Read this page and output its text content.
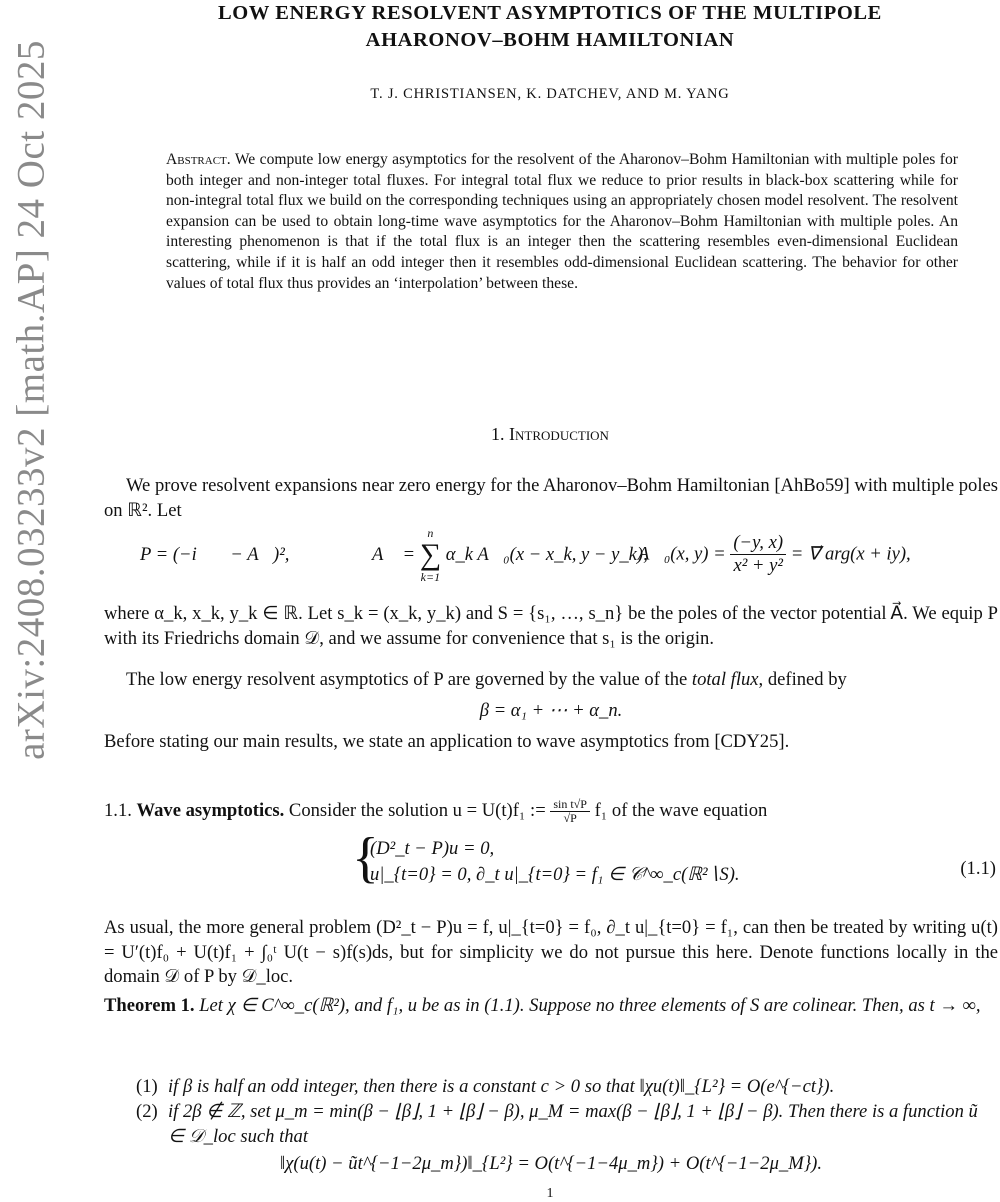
arXiv:2408.03233v2 [math.AP] 24 Oct 2025
LOW ENERGY RESOLVENT ASYMPTOTICS OF THE MULTIPOLE
AHARONOV–BOHM HAMILTONIAN
T. J. CHRISTIANSEN, K. DATCHEV, AND M. YANG
Abstract. We compute low energy asymptotics for the resolvent of the Aharonov–Bohm Hamiltonian with multiple poles for both integer and non-integer total fluxes. For integral total flux we reduce to prior results in black-box scattering while for non-integral total flux we build on the corresponding techniques using an appropriately chosen model resolvent. The resolvent expansion can be used to obtain long-time wave asymptotics for the Aharonov–Bohm Hamiltonian with multiple poles. An interesting phenomenon is that if the total flux is an integer then the scattering resembles even-dimensional Euclidean scattering, while if it is half an odd integer then it resembles odd-dimensional Euclidean scattering. The behavior for other values of total flux thus provides an ‘interpolation’ between these.
1. Introduction
We prove resolvent expansions near zero energy for the Aharonov–Bohm Hamiltonian [AhBo59] with multiple poles on ℝ². Let
P = (−i∇⃗ − A⃗)²,	A⃗ =
n
∑
k=1
α_k A⃗₀(x − x_k, y − y_k),
A⃗₀(x, $y) = \frac{(-y, x)}{\text{x² + y²}}$ = ∇⃗ arg(x + iy),
where α_k, x_k, y_k ∈ ℝ. Let s_k = (x_k, y_k) and S = {s₁, …, s_n} be the poles of the vector potential A⃗. We equip P with its Friedrichs domain 𝒟, and we assume for convenience that s₁ is the origin.
The low energy resolvent asymptotics of P are governed by the value of the total flux, defined by
β = α₁ + ⋯ + α_n.
Before stating our main results, we state an application to wave asymptotics from [CDY25].
1.1. Wave asymptotics. Consider the solution u = U(t)f₁ := $\frac{\text{sin t√P}}{√P} f_1$ of the wave equation
{
(D²_t − P)u = 0,
u|_{t=0} = 0, ∂_t u|_{t=0} = f₁ ∈ 𝒞^∞_c(ℝ²∖S).	(1.1)
As usual, the more general problem (D²_t − P)u = f, u|_{t=0} = f₀, ∂_t u|_{t=0} = f₁, can then be treated by writing u(t) = U′(t)f₀ + U(t)f₁ + ∫₀ᵗ U(t − s)f(s)ds, but for simplicity we do not pursue this here. Denote functions locally in the domain 𝒟 of P by 𝒟_loc.
Theorem 1. Let χ ∈ C^∞_c(ℝ²), and f₁, u be as in (1.1). Suppose no three elements of S are colinear. Then, as t → ∞,
(1) if β is half an odd integer, then there is a constant c > 0 so that ‖χu(t)‖_{L²} = O(e^{−ct}).
(2) if 2β ∉ ℤ, set μ_m = min(β − ⌊β⌋, 1 + ⌊β⌋ − β), μ_M = max(β − ⌊β⌋, 1 + ⌊β⌋ − β). Then there is a function ũ ∈ 𝒟_loc such that
‖χ(u(t) − ũt^{−1−2μ_m})‖_{L²} = O(t^{−1−4μ_m}) + O(t^{−1−2μ_M}).
1
